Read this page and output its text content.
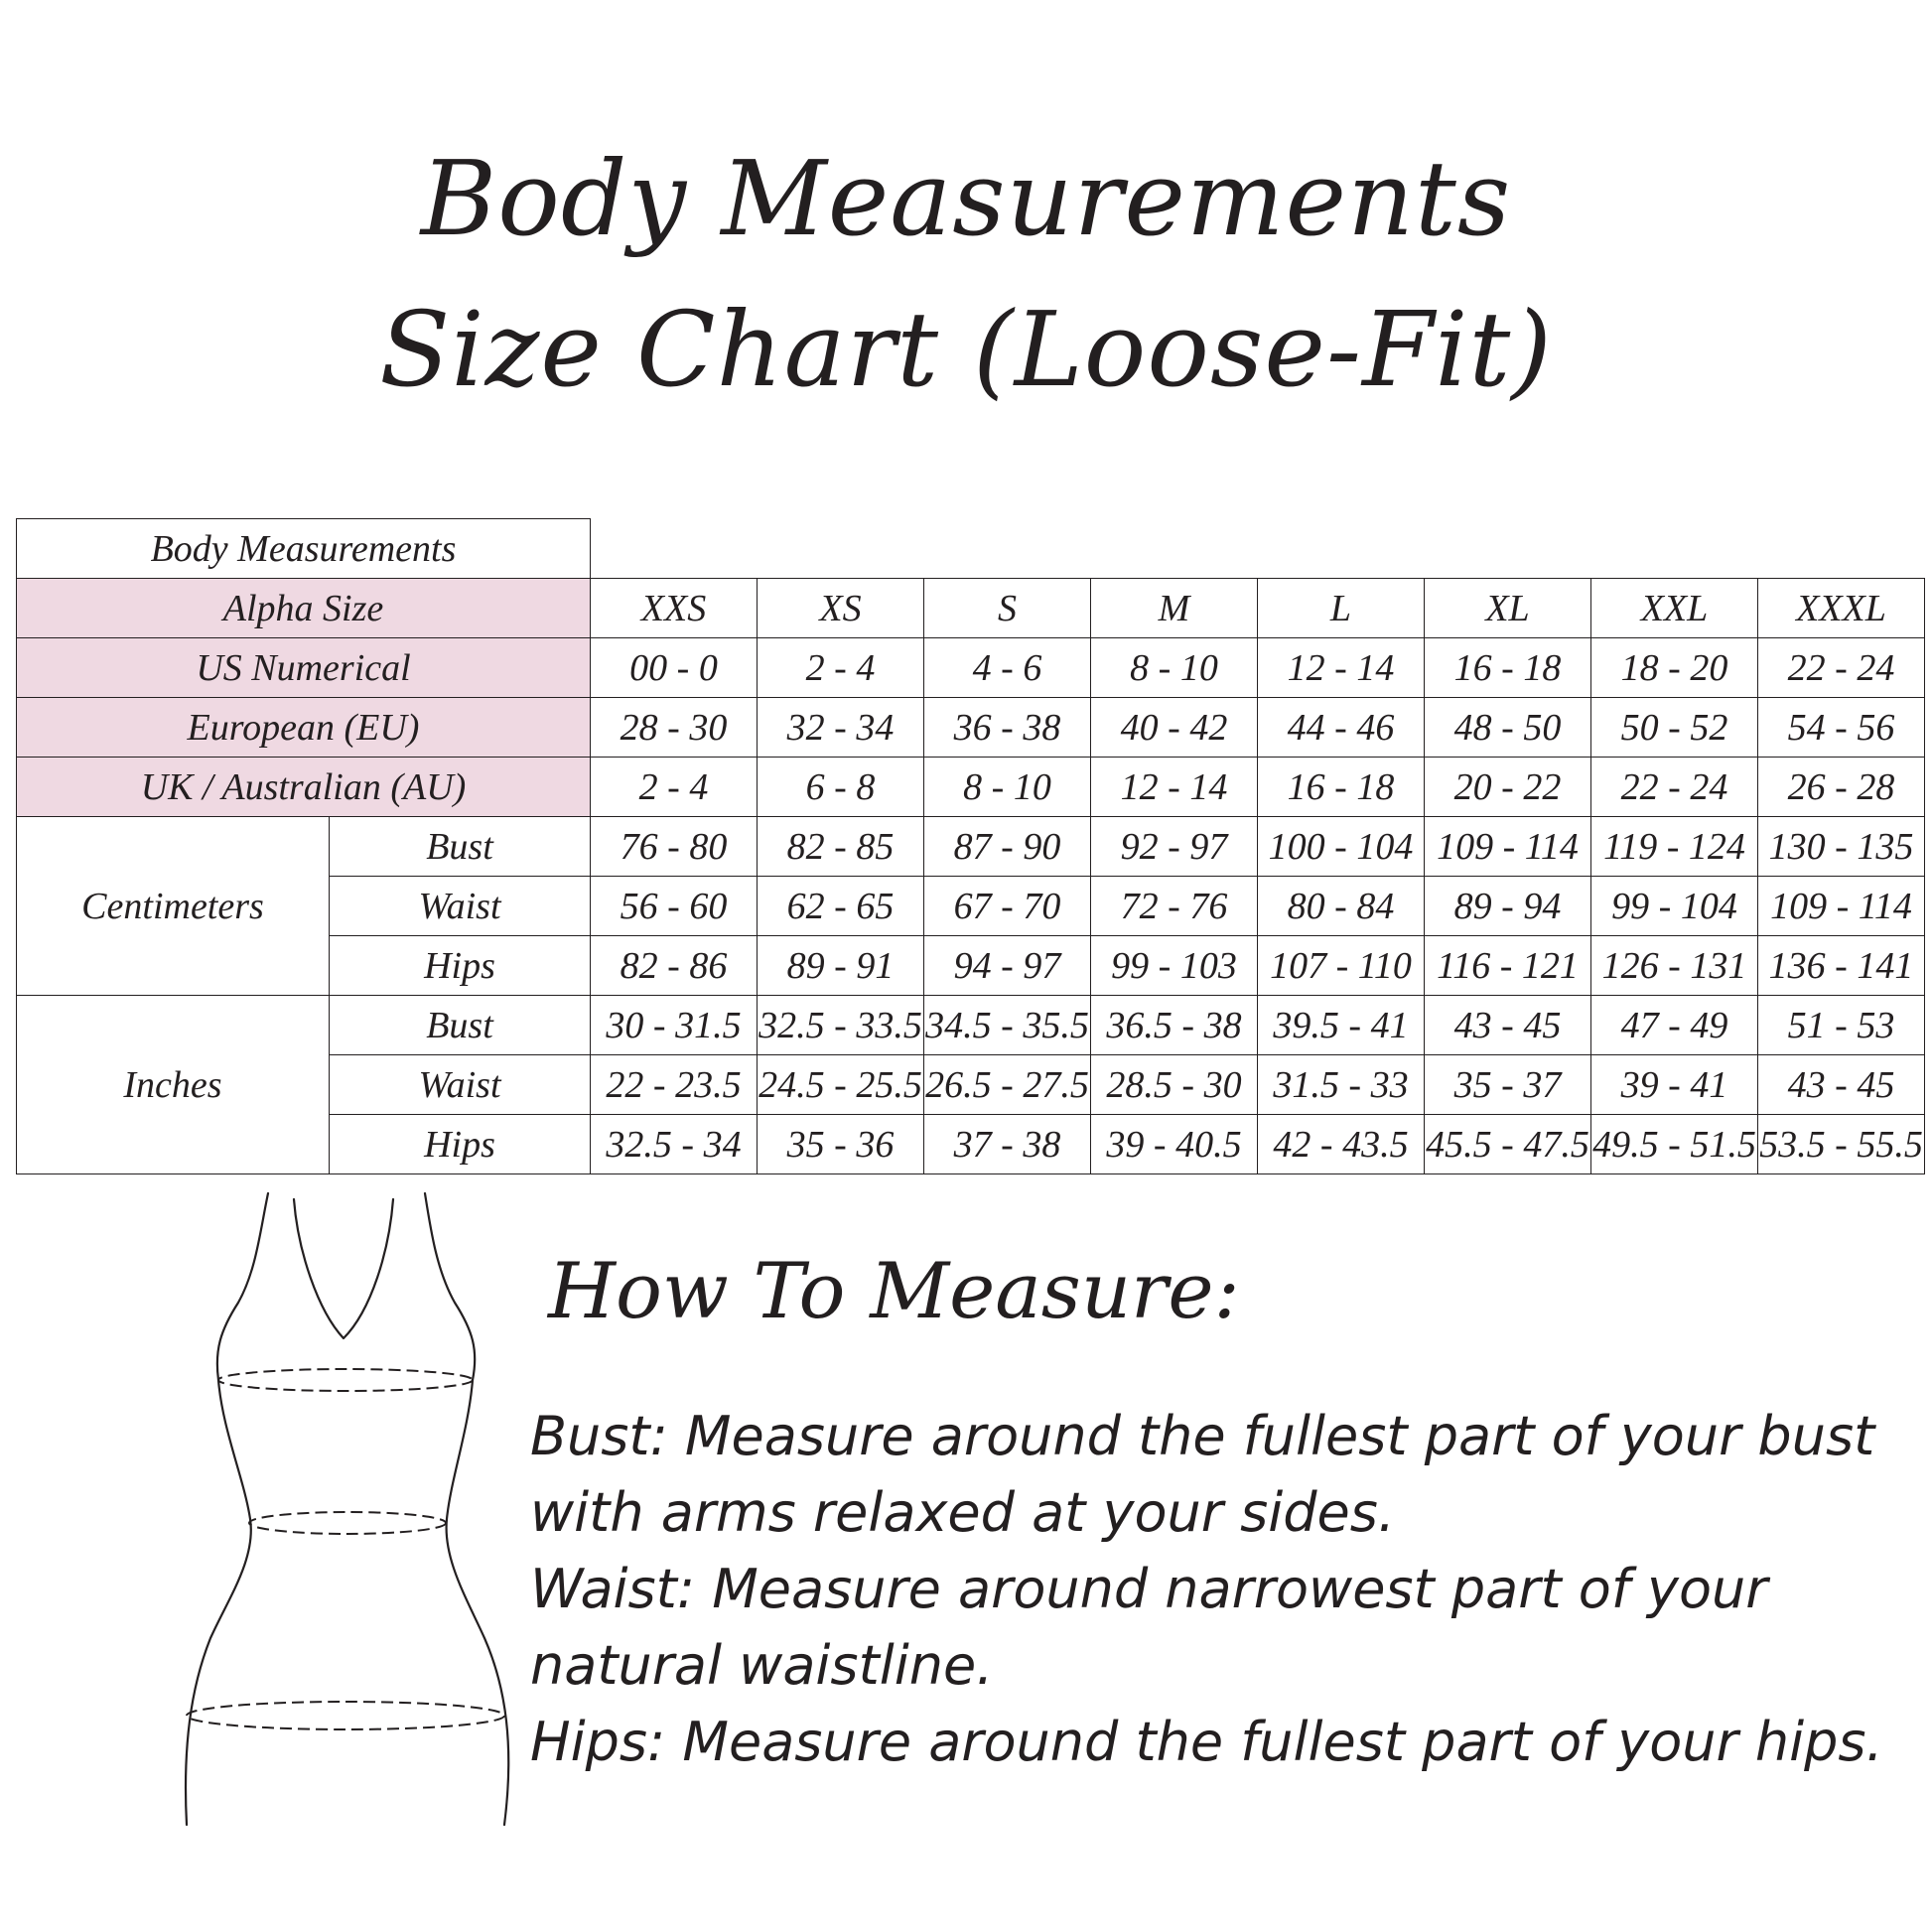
Body Measurements
Size Chart (Loose-Fit)
Body Measurements									
Alpha Size		XXS	XS	S	M	L	XL	XXL	XXXL
US Numerical		00 - 0	2 - 4	4 - 6	8 - 10	12 - 14	16 - 18	18 - 20	22 - 24
European (EU)		28 - 30	32 - 34	36 - 38	40 - 42	44 - 46	48 - 50	50 - 52	54 - 56
UK / Australian (AU)		2 - 4	6 - 8	8 - 10	12 - 14	16 - 18	20 - 22	22 - 24	26 - 28
Centimeters	Bust	76 - 80	82 - 85	87 - 90	92 - 97	100 - 104	109 - 114	119 - 124	130 - 135
	Waist	56 - 60	62 - 65	67 - 70	72 - 76	80 - 84	89 - 94	99 - 104	109 - 114
	Hips	82 - 86	89 - 91	94 - 97	99 - 103	107 - 110	116 - 121	126 - 131	136 - 141
Inches	Bust	30 - 31.5	32.5 - 33.5	34.5 - 35.5	36.5 - 38	39.5 - 41	43 - 45	47 - 49	51 - 53
	Waist	22 - 23.5	24.5 - 25.5	26.5 - 27.5	28.5 - 30	31.5 - 33	35 - 37	39 - 41	43 - 45
	Hips	32.5 - 34	35 - 36	37 - 38	39 - 40.5	42 - 43.5	45.5 - 47.5	49.5 - 51.5	53.5 - 55.5
How To Measure:

Bust: Measure around the fullest part of your bust with arms relaxed at your sides.

Waist: Measure around narrowest part of your natural waistline.

Hips: Measure around the fullest part of your hips.
